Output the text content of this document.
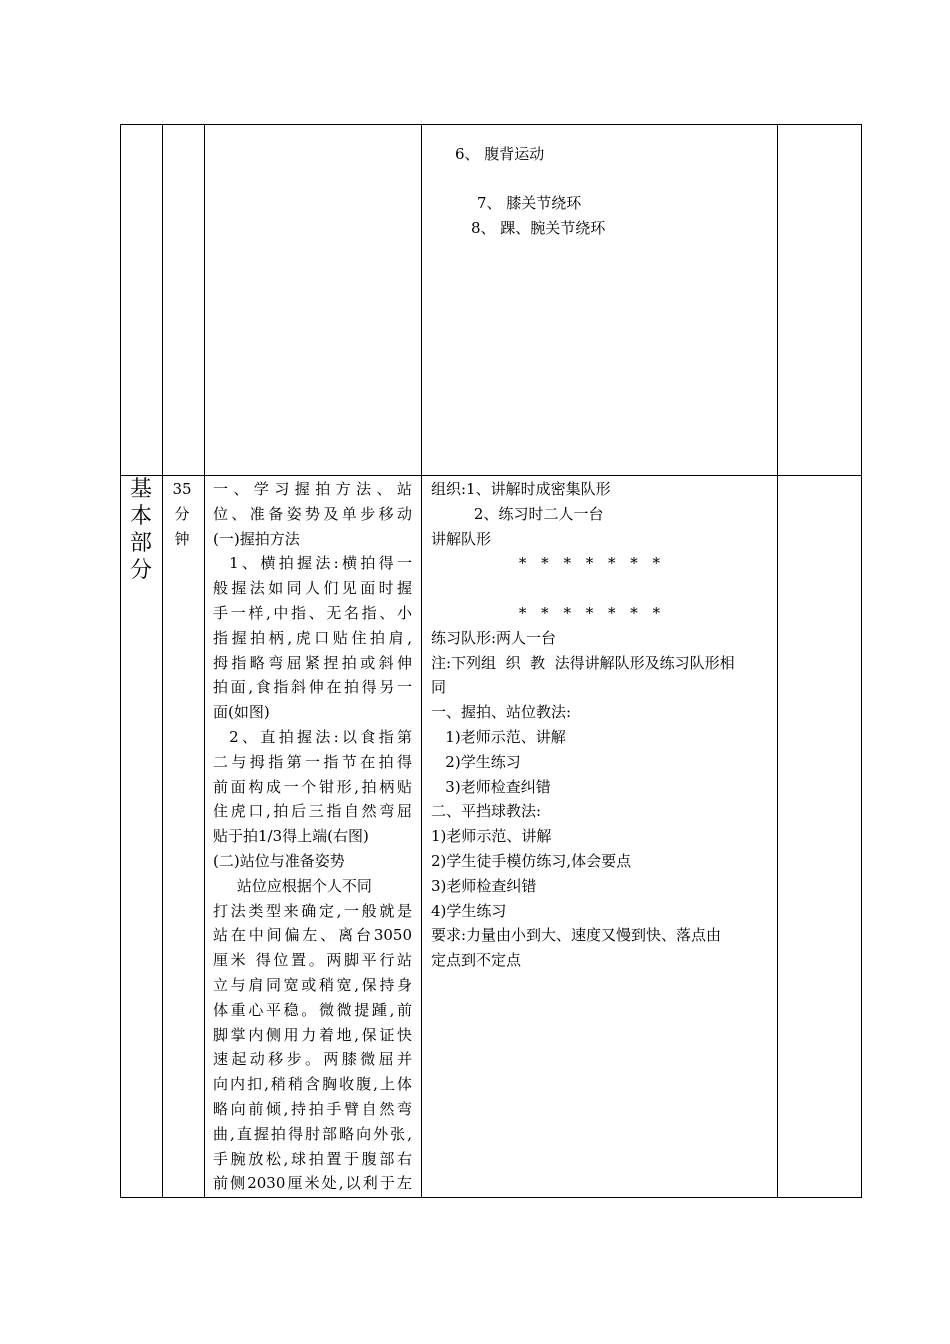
6、 腹背运动
7、 膝关节绕环
8、 踝、腕关节绕环
基
本
部
分
35
分
钟
一、学习握拍方法、站
位、准备姿势及单步移动
(一)握拍方法
1、横拍握法:横拍得一
般握法如同人们见面时握
手一样,中指、无名指、小
指握拍柄,虎口贴住拍肩,
拇指略弯屈紧捏拍或斜伸
拍面,食指斜伸在拍得另一
面(如图)
2、直拍握法:以食指第
二与拇指第一指节在拍得
前面构成一个钳形,拍柄贴
住虎口,拍后三指自然弯屈
贴于拍1/3得上端(右图)
(二)站位与准备姿势
站位应根据个人不同
打法类型来确定,一般就是
站在中间偏左、离台3050
厘米 得位置。两脚平行站
立与肩同宽或稍宽,保持身
体重心平稳。微微提踵,前
脚掌内侧用力着地,保证快
速起动移步。两膝微屈并
向内扣,稍稍含胸收腹,上体
略向前倾,持拍手臂自然弯
曲,直握拍得肘部略向外张,
手腕放松,球拍置于腹部右
前侧2030厘米处,以利于左
组织:1、讲解时成密集队形
2、练习时二人一台
讲解队形
* * * * * * *

* * * * * * *
练习队形:两人一台
注:下列组  织  教  法得讲解队形及练习队形相
同
一、握拍、站位教法:
1)老师示范、讲解
2)学生练习
3)老师检查纠错
二、平挡球教法:
1)老师示范、讲解
2)学生徒手模仿练习,体会要点
3)老师检查纠错
4)学生练习
要求:力量由小到大、速度又慢到快、落点由
定点到不定点
